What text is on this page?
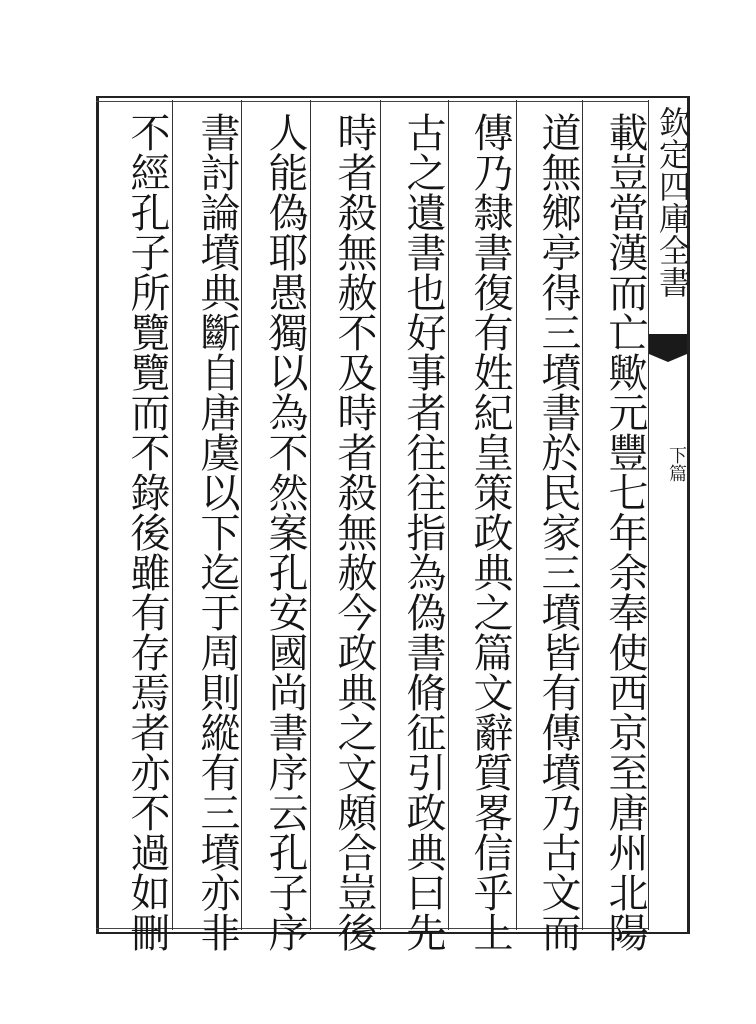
載豈當漢而亡歟元豐七年余奉使西京至唐州北陽
道無鄉亭得三墳書於民家三墳皆有傳墳乃古文而
傳乃隸書復有姓紀皇策政典之篇文辭質畧信乎上
古之遺書也好事者往往指為偽書脩征引政典曰先
時者殺無赦不及時者殺無赦今政典之文頗合豈後
人能偽耶愚獨以為不然案孔安國尚書序云孔子序
書討論墳典斷自唐虞以下迄于周則縱有三墳亦非
不經孔子所覽覽而不錄後雖有存焉者亦不過如刪	欽定四庫全書
下篇
